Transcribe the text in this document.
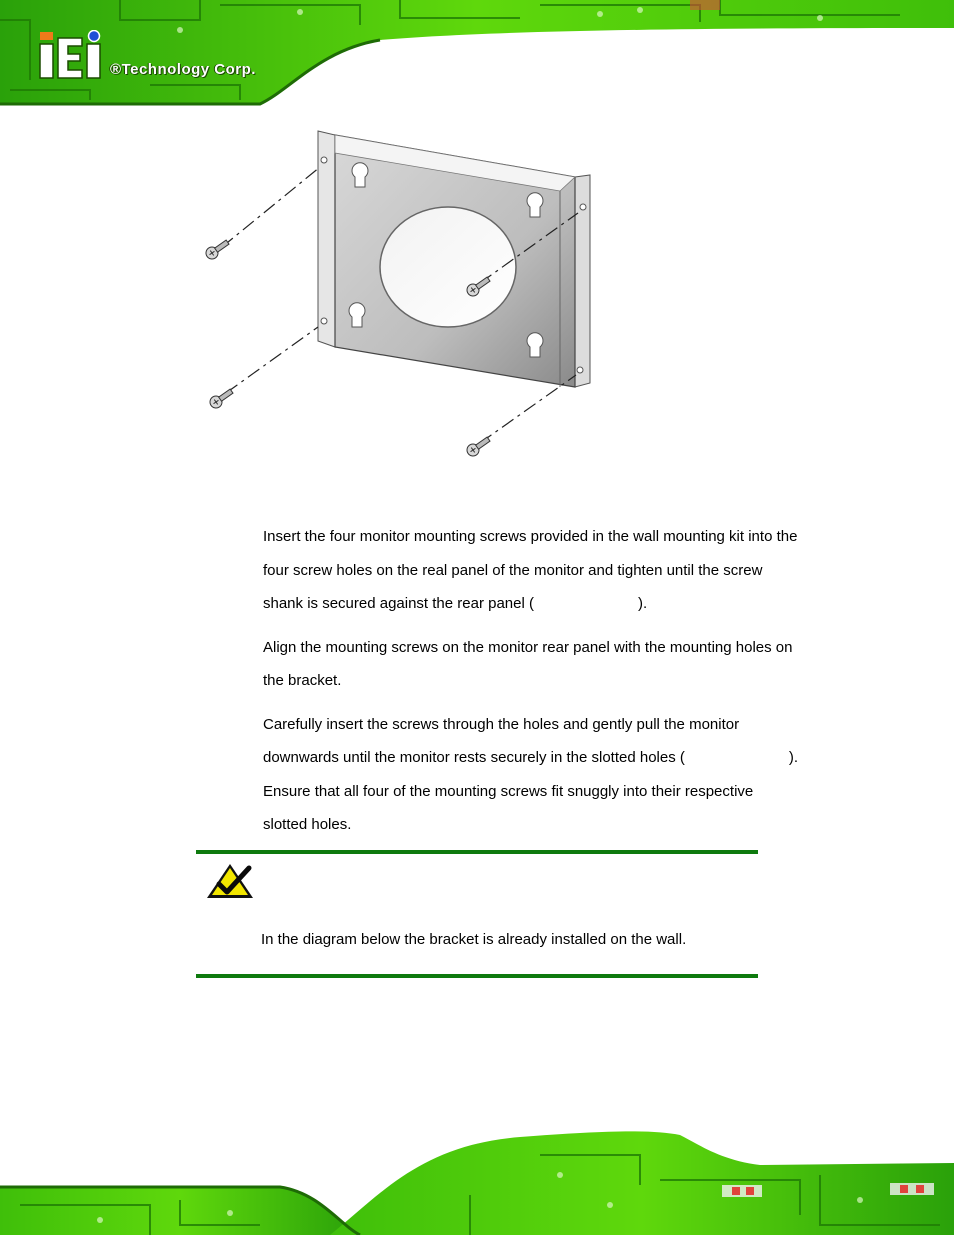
®Technology Corp.
Insert the four monitor mounting screws provided in the wall mounting kit into the
four screw holes on the real panel of the monitor and tighten until the screw
shank is secured against the rear panel (	).
Align the mounting screws on the monitor rear panel with the mounting holes on
the bracket.
Carefully insert the screws through the holes and gently pull the monitor
downwards until the monitor rests securely in the slotted holes (	).
Ensure that all four of the mounting screws fit snuggly into their respective
slotted holes.
In the diagram below the bracket is already installed on the wall.
